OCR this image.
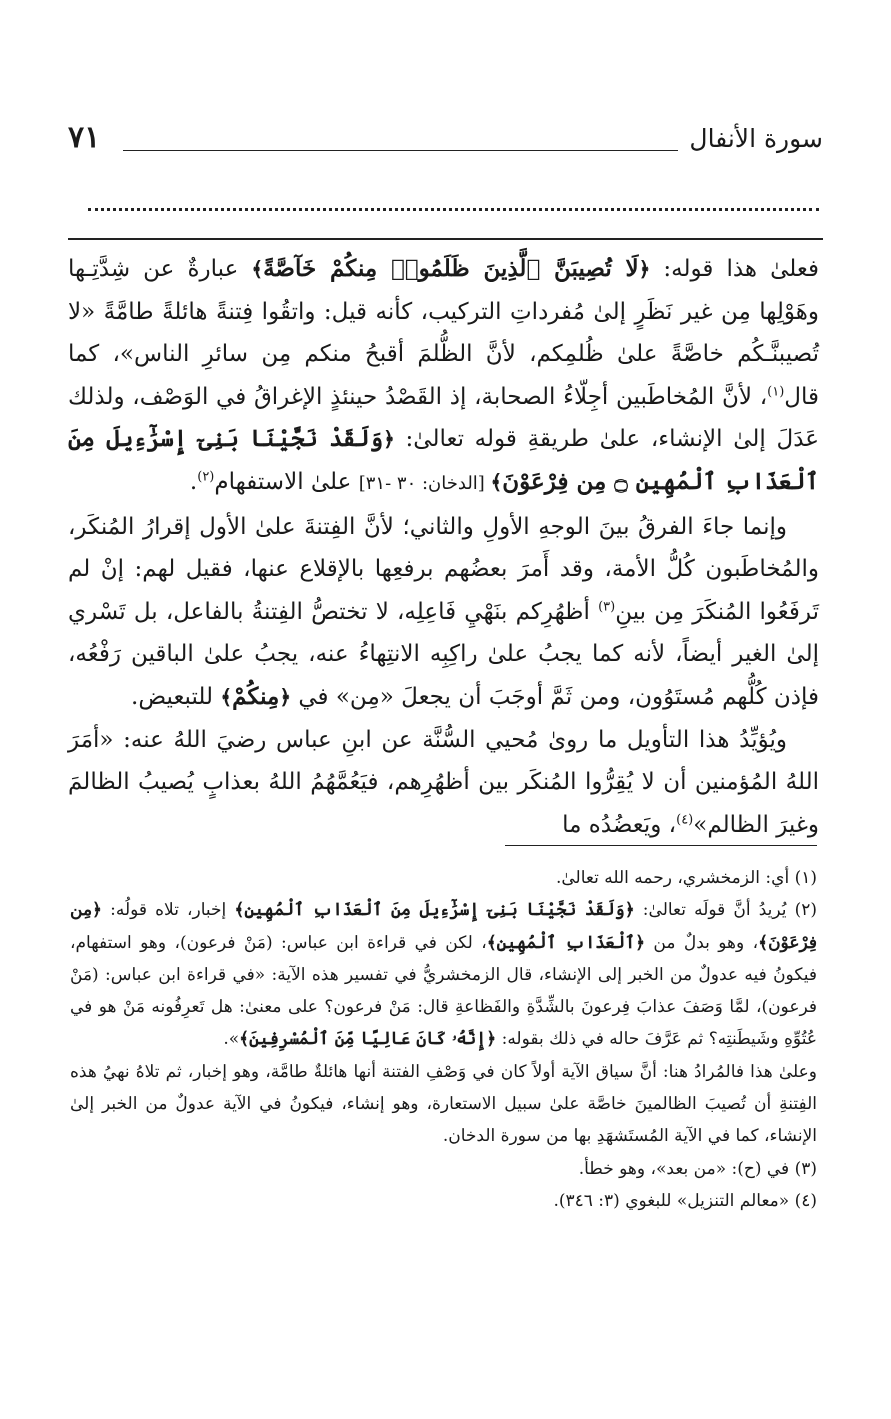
سورة الأنفال
٧١

فعلىٰ هذا قوله: ﴿لَا تُصِيبَنَّ ٱلَّذِينَ ظَلَمُوا۟ مِنكُمْ خَآصَّةً﴾ عبارةٌ عن شِدَّتِـها وهَوْلِها مِن غير نَظَرٍ إلىٰ مُفرداتِ التركيب، كأنه قيل: واتقُوا فِتنةً هائلةً طامَّةً «لا تُصيبنَّـكُم خاصَّةً علىٰ ظُلمِكم، لأنَّ الظُّلمَ أقبحُ منكم مِن سائرِ الناس»، كما قال$^{(١)}$، لأنَّ المُخاطَبين أجِلّاءُ الصحابة، إذ القَصْدُ حينئذٍ الإغراقُ في الوَصْف، ولذلك عَدَلَ إلىٰ الإنشاء، علىٰ طريقةِ قوله تعالىٰ: ﴿وَلَقَدْ نَجَّيْنَا بَنِىٓ إِسْرَٰٓءِيلَ مِنَ ٱلْعَذَابِ ٱلْمُهِينِ ۝ مِن فِرْعَوْنَ﴾ [الدخان: ٣٠ -٣١] علىٰ الاستفهام$^{(٢)}$.

وإنما جاءَ الفرقُ بينَ الوجهِ الأولِ والثاني؛ لأنَّ الفِتنةَ علىٰ الأول إقرارُ المُنكَر، والمُخاطَبون كُلُّ الأمة، وقد أَمرَ بعضُهم برفعِها بالإقلاع عنها، فقيل لهم: إنْ لم تَرفَعُوا المُنكَرَ مِن بينِ$^{(٣)}$ أظهُرِكم بنَهْيِ فَاعِلِه، لا تختصُّ الفِتنةُ بالفاعل، بل تَسْري إلىٰ الغير أيضاً، لأنه كما يجبُ علىٰ راكِبِه الانتِهاءُ عنه، يجبُ علىٰ الباقين رَفْعُه، فإذن كُلُّهم مُستَوُون، ومن ثَمَّ أوجَبَ أن يجعلَ «مِن» في ﴿مِنكُمْ﴾ للتبعيض.

ويُؤيِّدُ هذا التأويل ما روىٰ مُحيي السُّنَّة عن ابنِ عباس رضيَ اللهُ عنه: «أمَرَ اللهُ المُؤمنين أن لا يُقِرُّوا المُنكَر بين أظهُرِهم، فيَعُمَّهُمُ اللهُ بعذابٍ يُصيبُ الظالمَ وغيرَ الظالم»$^{(٤)}$، ويَعضُدُه ما

(١) أي: الزمخشري، رحمه الله تعالىٰ.

(٢) يُريدُ أنَّ قولَه تعالىٰ: ﴿وَلَقَدْ نَجَّيْنَا بَنِىٓ إِسْرَٰٓءِيلَ مِنَ ٱلْعَذَابِ ٱلْمُهِينِ﴾ إخبار، تلاه قولُه: ﴿مِن فِرْعَوْنَ﴾، وهو بدلٌ من ﴿ٱلْعَذَابِ ٱلْمُهِينِ﴾، لكن في قراءة ابن عباس: (مَنْ فرعون)، وهو استفهام، فيكونُ فيه عدولٌ من الخبر إلى الإنشاء، قال الزمخشريُّ في تفسير هذه الآية: «في قراءة ابن عباس: (مَنْ فرعون)، لمَّا وَصَفَ عذابَ فِرعونَ بالشِّدَّةِ والفَظاعةِ قال: مَنْ فرعون؟ على معنىٰ: هل تَعرِفُونه مَنْ هو في عُتُوِّهِ وشَيطَنتِه؟ ثم عَرَّفَ حاله في ذلك بقوله: ﴿إِنَّهُۥ كَانَ عَالِيًا مِّنَ ٱلْمُسْرِفِينَ﴾».

وعلىٰ هذا فالمُرادُ هنا: أنَّ سياق الآية أولاً كان في وَصْفِ الفتنة أنها هائلةٌ طامَّة، وهو إخبار، ثم تلاهُ نهيُ هذه الفِتنةِ أن تُصيبَ الظالمينَ خاصَّة علىٰ سبيل الاستعارة، وهو إنشاء، فيكونُ في الآية عدولٌ من الخبر إلىٰ الإنشاء، كما في الآية المُستَشهَدِ بها من سورة الدخان.

(٣) في (ح): «من بعد»، وهو خطأ.

(٤) «معالم التنزيل» للبغوي (٣: ٣٤٦).
